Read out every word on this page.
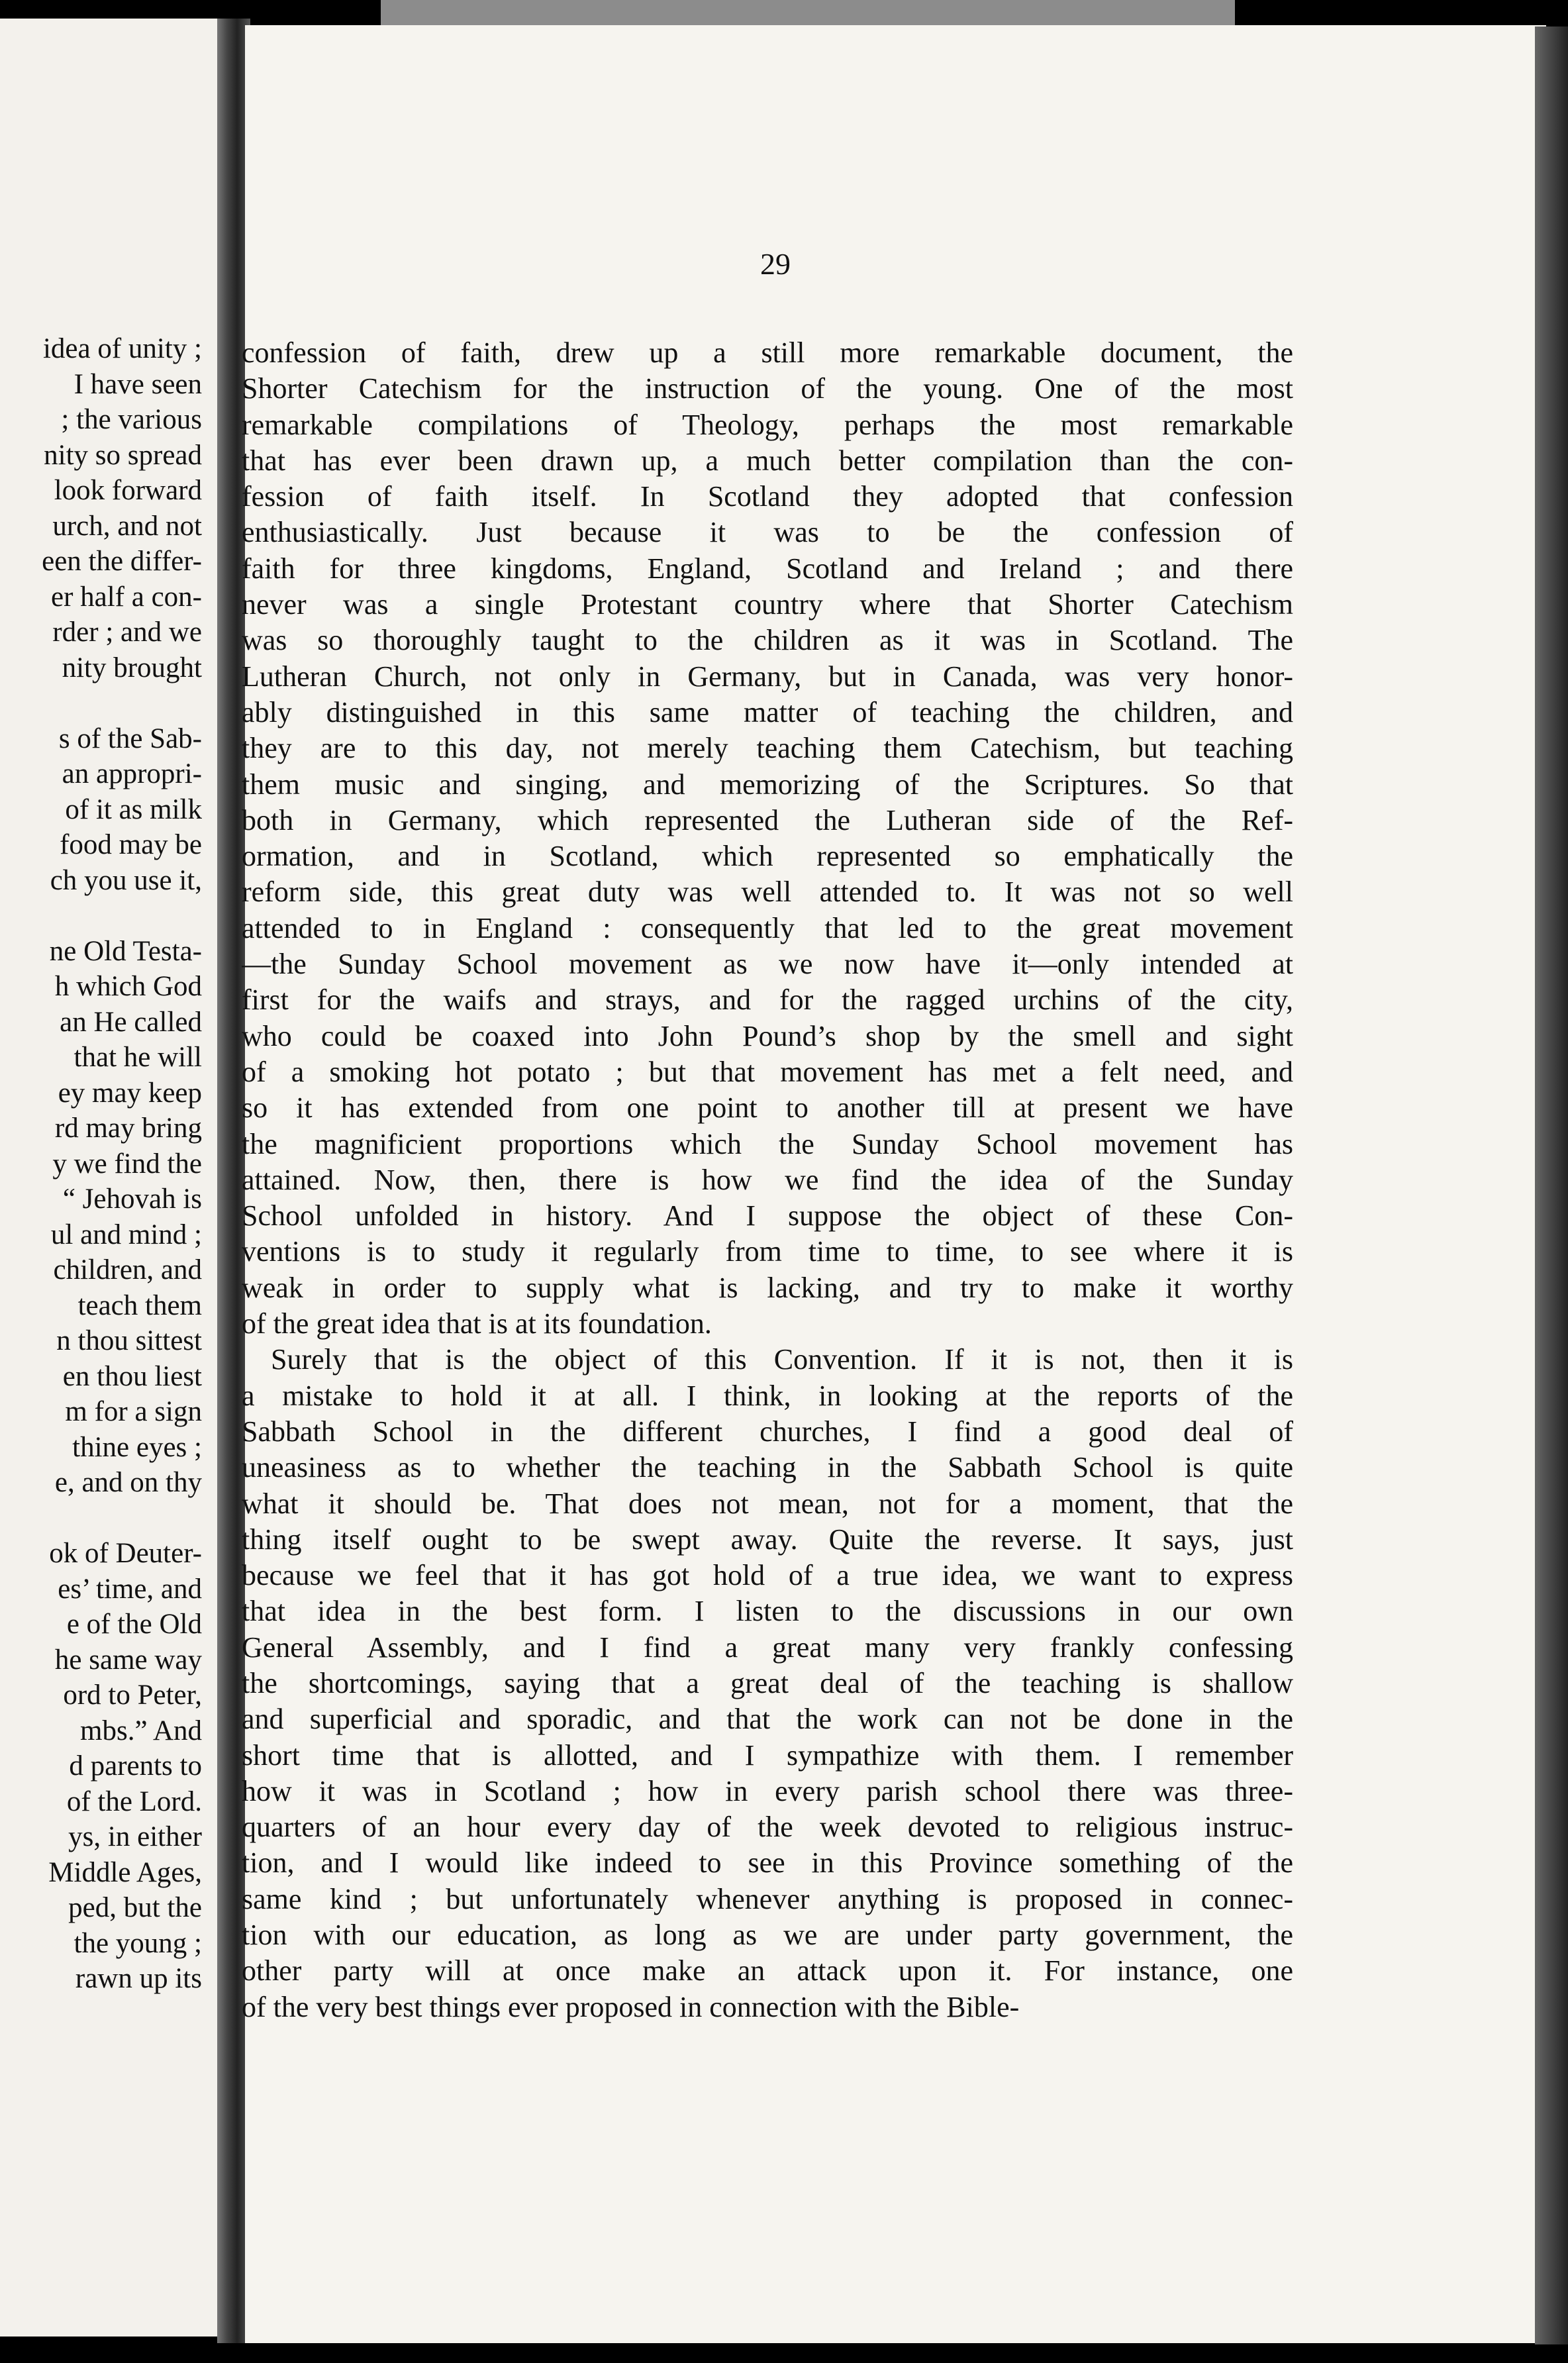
idea of unity ;
I have seen
; the various
nity so spread
look forward
urch, and not
een the differ-
er half a con-
rder ; and we
nity brought
s of the Sab-
an appropri-
of it as milk
food may be
ch you use it,
ne Old Testa-
h which God
an He called
that he will
ey may keep
rd may bring
y we find the
“ Jehovah is
ul and mind ;
children, and
teach them
n thou sittest
en thou liest
m for a sign
thine eyes ;
e, and on thy
ok of Deuter-
es’ time, and
e of the Old
he same way
ord to Peter,
mbs.” And
d parents to
of the Lord.
ys, in either
Middle Ages,
ped, but the
the young ;
rawn up its
29
confession of faith, drew up a still more remarkable document, the
Shorter Catechism for the instruction of the young. One of the most
remarkable compilations of Theology, perhaps the most remarkable
that has ever been drawn up, a much better compilation than the con-
fession of faith itself. In Scotland they adopted that confession
enthusiastically. Just because it was to be the confession of
faith for three kingdoms, England, Scotland and Ireland ; and there
never was a single Protestant country where that Shorter Catechism
was so thoroughly taught to the children as it was in Scotland. The
Lutheran Church, not only in Germany, but in Canada, was very honor-
ably distinguished in this same matter of teaching the children, and
they are to this day, not merely teaching them Catechism, but teaching
them music and singing, and memorizing of the Scriptures. So that
both in Germany, which represented the Lutheran side of the Ref-
ormation, and in Scotland, which represented so emphatically the
reform side, this great duty was well attended to. It was not so well
attended to in England : consequently that led to the great movement
—the Sunday School movement as we now have it—only intended at
first for the waifs and strays, and for the ragged urchins of the city,
who could be coaxed into John Pound’s shop by the smell and sight
of a smoking hot potato ; but that movement has met a felt need, and
so it has extended from one point to another till at present we have
the magnificient proportions which the Sunday School movement has
attained. Now, then, there is how we find the idea of the Sunday
School unfolded in history. And I suppose the object of these Con-
ventions is to study it regularly from time to time, to see where it is
weak in order to supply what is lacking, and try to make it worthy
of the great idea that is at its foundation.
Surely that is the object of this Convention. If it is not, then it is
a mistake to hold it at all. I think, in looking at the reports of the
Sabbath School in the different churches, I find a good deal of
uneasiness as to whether the teaching in the Sabbath School is quite
what it should be. That does not mean, not for a moment, that the
thing itself ought to be swept away. Quite the reverse. It says, just
because we feel that it has got hold of a true idea, we want to express
that idea in the best form. I listen to the discussions in our own
General Assembly, and I find a great many very frankly confessing
the shortcomings, saying that a great deal of the teaching is shallow
and superficial and sporadic, and that the work can not be done in the
short time that is allotted, and I sympathize with them. I remember
how it was in Scotland ; how in every parish school there was three-
quarters of an hour every day of the week devoted to religious instruc-
tion, and I would like indeed to see in this Province something of the
same kind ; but unfortunately whenever anything is proposed in connec-
tion with our education, as long as we are under party government, the
other party will at once make an attack upon it. For instance, one
of the very best things ever proposed in connection with the Bible-
